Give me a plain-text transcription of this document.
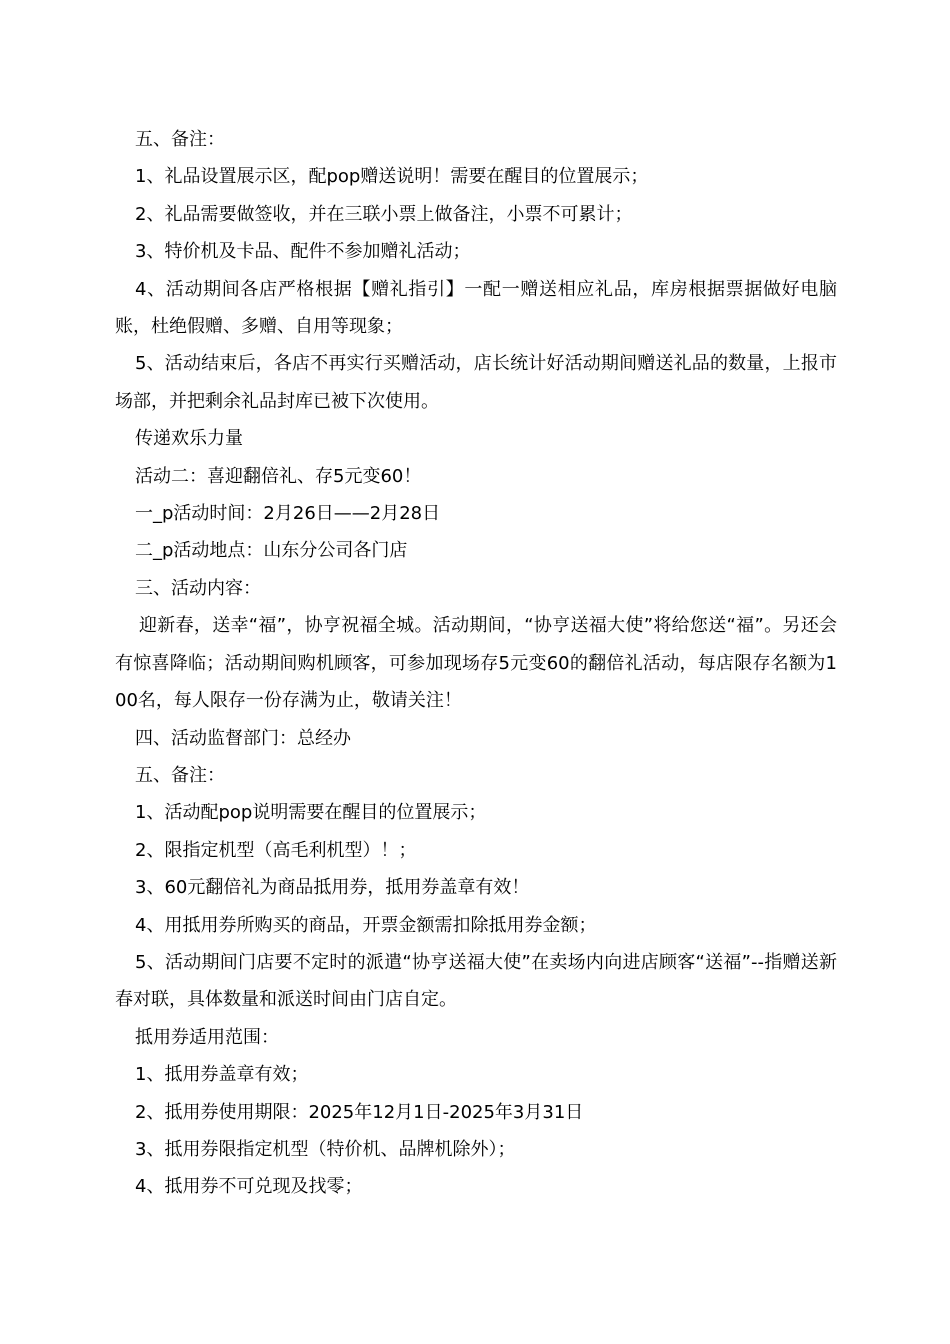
五、备注：

1、礼品设置展示区，配pop赠送说明！需要在醒目的位置展示；

2、礼品需要做签收，并在三联小票上做备注，小票不可累计；

3、特价机及卡品、配件不参加赠礼活动；

4、活动期间各店严格根据【赠礼指引】一配一赠送相应礼品，库房根据票据做好电脑账，杜绝假赠、多赠、自用等现象；

5、活动结束后，各店不再实行买赠活动，店长统计好活动期间赠送礼品的数量，上报市场部，并把剩余礼品封库已被下次使用。

传递欢乐力量

活动二：喜迎翻倍礼、存5元变60！

一_p活动时间：2月26日——2月28日

二_p活动地点：山东分公司各门店

三、活动内容：

迎新春，送幸“福”，协亨祝福全城。活动期间，“协亨送福大使”将给您送“福”。另还会有惊喜降临；活动期间购机顾客，可参加现场存5元变60的翻倍礼活动，每店限存名额为100名，每人限存一份存满为止，敬请关注！

四、活动监督部门：总经办

五、备注：

1、活动配pop说明需要在醒目的位置展示；

2、限指定机型（高毛利机型）！；

3、60元翻倍礼为商品抵用券，抵用券盖章有效！

4、用抵用券所购买的商品，开票金额需扣除抵用券金额；

5、活动期间门店要不定时的派遣“协亨送福大使”在卖场内向进店顾客“送福”--指赠送新春对联，具体数量和派送时间由门店自定。

抵用券适用范围：

1、抵用券盖章有效；

2、抵用券使用期限：2025年12月1日-2025年3月31日

3、抵用券限指定机型（特价机、品牌机除外）；

4、抵用券不可兑现及找零；
